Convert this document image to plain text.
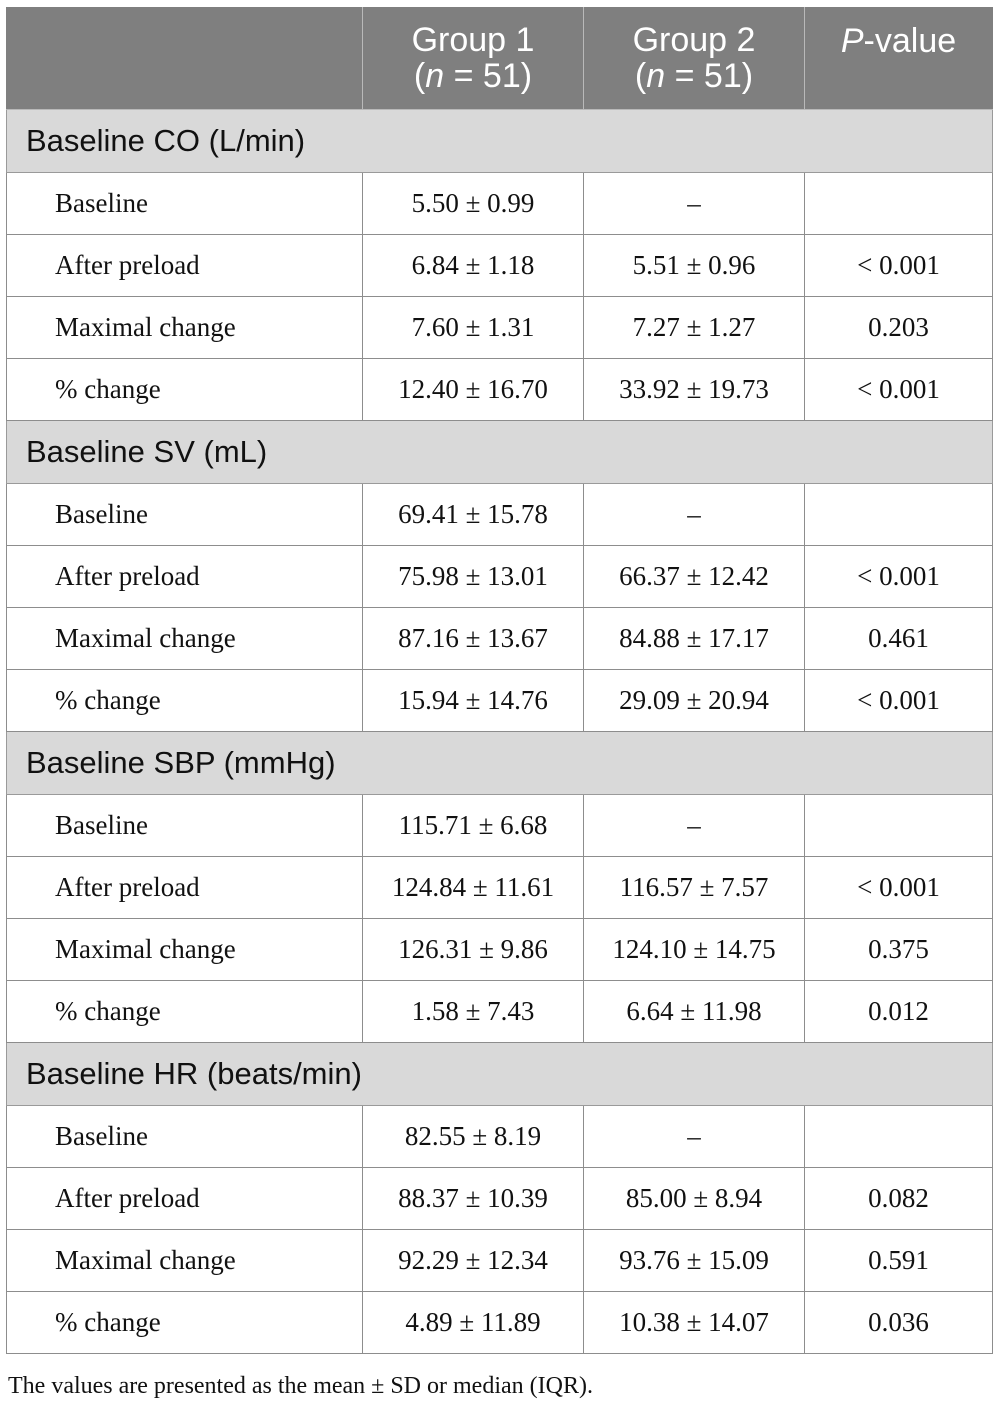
	Group 1
(n = 51)	Group 2
(n = 51)	P-value

Baseline CO (L/min)			
Baseline	5.50 ± 0.99	–	
After preload	6.84 ± 1.18	5.51 ± 0.96	< 0.001
Maximal change	7.60 ± 1.31	7.27 ± 1.27	0.203
% change	12.40 ± 16.70	33.92 ± 19.73	< 0.001
Baseline SV (mL)			
Baseline	69.41 ± 15.78	–	
After preload	75.98 ± 13.01	66.37 ± 12.42	< 0.001
Maximal change	87.16 ± 13.67	84.88 ± 17.17	0.461
% change	15.94 ± 14.76	29.09 ± 20.94	< 0.001
Baseline SBP (mmHg)			
Baseline	115.71 ± 6.68	–	
After preload	124.84 ± 11.61	116.57 ± 7.57	< 0.001
Maximal change	126.31 ± 9.86	124.10 ± 14.75	0.375
% change	1.58 ± 7.43	6.64 ± 11.98	0.012
Baseline HR (beats/min)			
Baseline	82.55 ± 8.19	–	
After preload	88.37 ± 10.39	85.00 ± 8.94	0.082
Maximal change	92.29 ± 12.34	93.76 ± 15.09	0.591
% change	4.89 ± 11.89	10.38 ± 14.07	0.036
The values are presented as the mean ± SD or median (IQR).
